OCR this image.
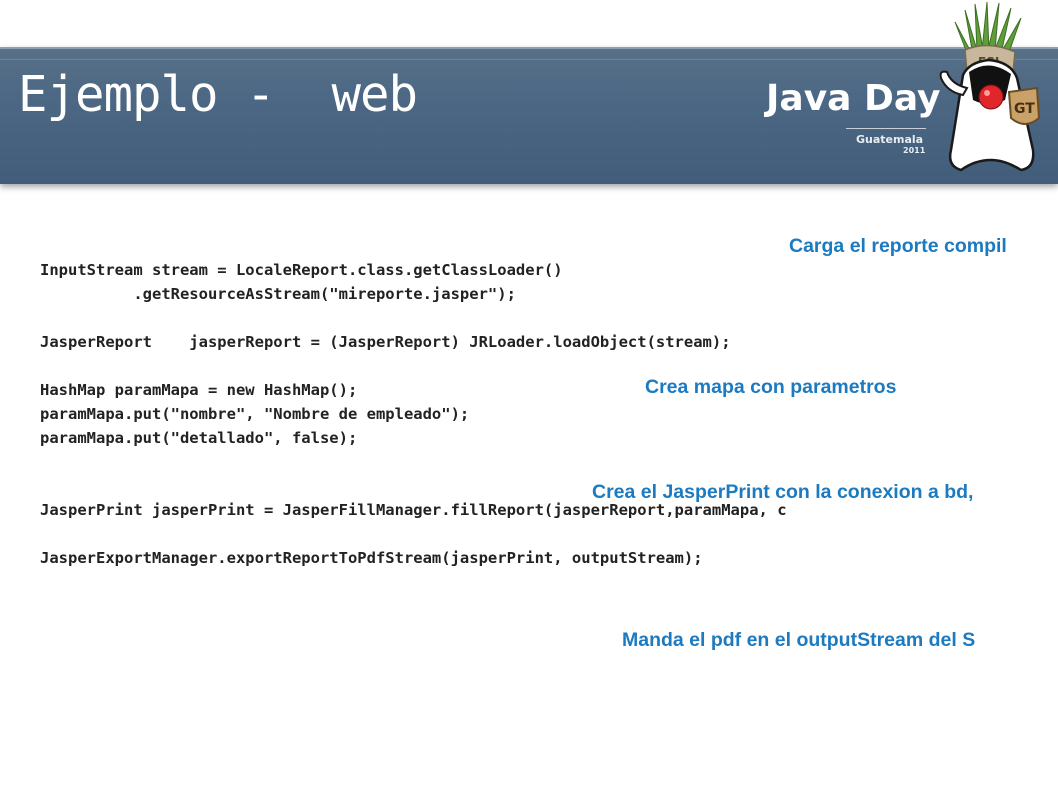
Ejemplo -  web	Java Day
Guatemala
2011
GT
InputStream stream = LocaleReport.class.getClassLoader()
.getResourceAsStream("mireporte.jasper");
JasperReport    jasperReport = (JasperReport) JRLoader.loadObject(stream);
HashMap paramMapa = new HashMap();
paramMapa.put("nombre", "Nombre de empleado");
paramMapa.put("detallado", false);
JasperPrint jasperPrint = JasperFillManager.fillReport(jasperReport,paramMapa, c
JasperExportManager.exportReportToPdfStream(jasperPrint, outputStream);
Carga el reporte compil
Crea mapa con parametros
Crea el JasperPrint con la conexion a bd,
Manda el pdf en el outputStream del S
